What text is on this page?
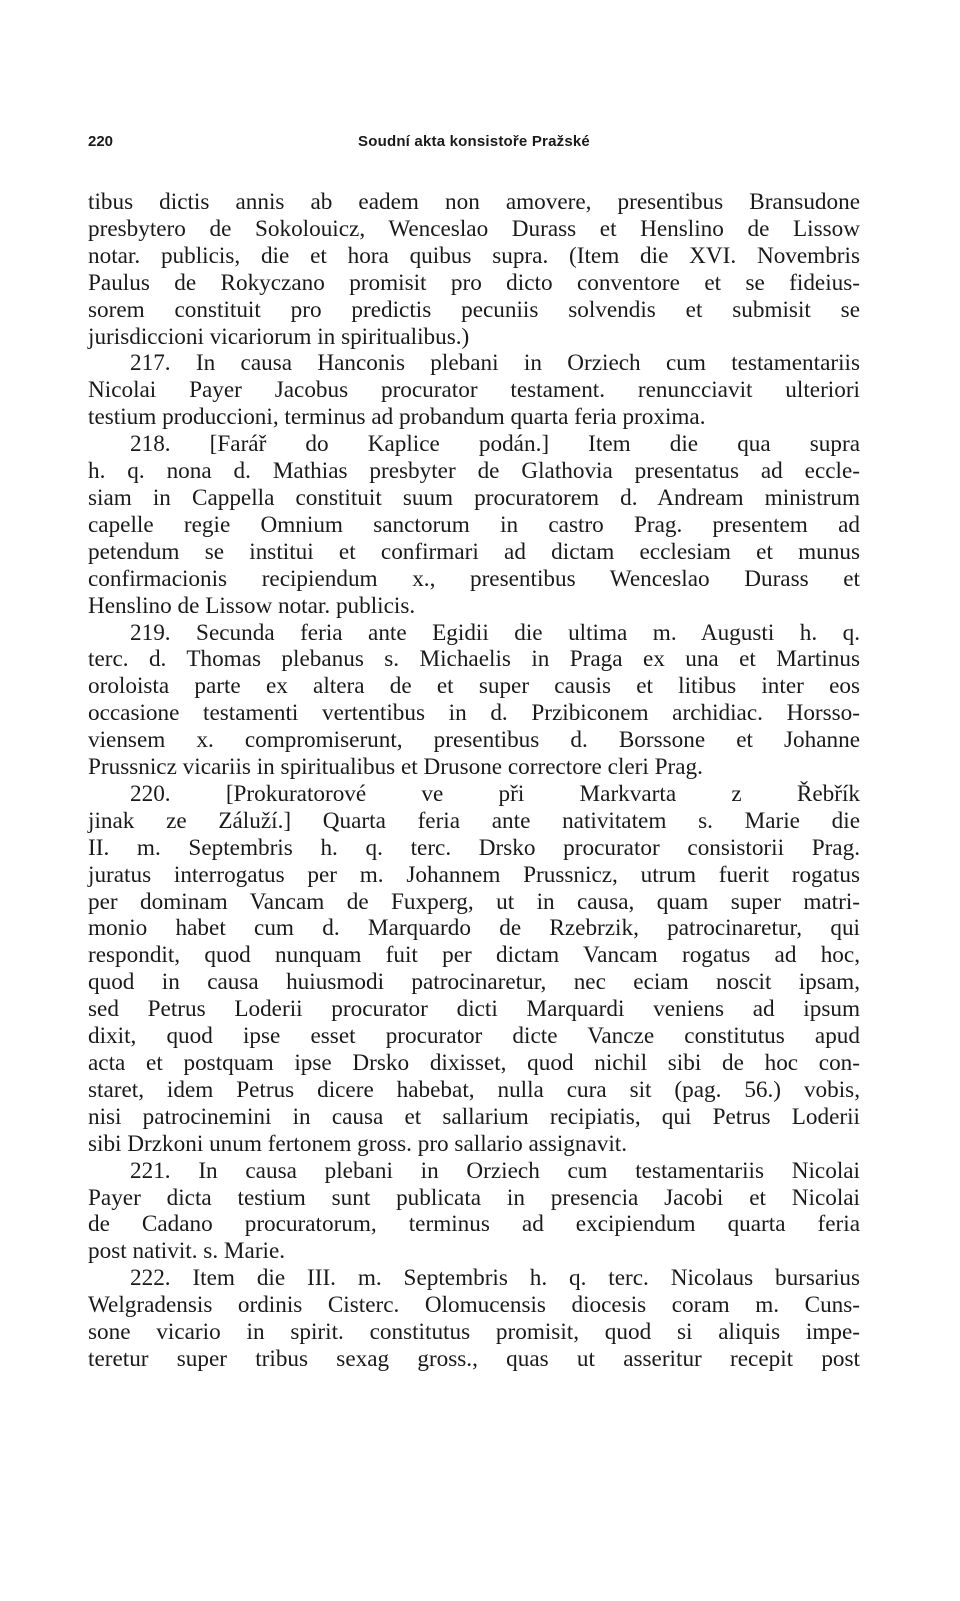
220	Soudní akta konsistoře Pražské
tibus dictis annis ab eadem non amovere, presentibus Bransudone
presbytero de Sokolouicz, Wenceslao Durass et Henslino de Lissow
notar. publicis, die et hora quibus supra. (Item die XVI. Novembris
Paulus de Rokyczano promisit pro dicto conventore et se fideius-
sorem constituit pro predictis pecuniis solvendis et submisit se
jurisdiccioni vicariorum in spiritualibus.)
217. In causa Hanconis plebani in Orziech cum testamentariis
Nicolai Payer Jacobus procurator testament. renuncciavit ulteriori
testium produccioni, terminus ad probandum quarta feria proxima.
218. [Farář do Kaplice podán.] Item die qua supra
h. q. nona d. Mathias presbyter de Glathovia presentatus ad eccle-
siam in Cappella constituit suum procuratorem d. Andream ministrum
capelle regie Omnium sanctorum in castro Prag. presentem ad
petendum se institui et confirmari ad dictam ecclesiam et munus
confirmacionis recipiendum x., presentibus Wenceslao Durass et
Henslino de Lissow notar. publicis.
219. Secunda feria ante Egidii die ultima m. Augusti h. q.
terc. d. Thomas plebanus s. Michaelis in Praga ex una et Martinus
oroloista parte ex altera de et super causis et litibus inter eos
occasione testamenti vertentibus in d. Przibiconem archidiac. Horsso-
viensem x. compromiserunt, presentibus d. Borssone et Johanne
Prussnicz vicariis in spiritualibus et Drusone correctore cleri Prag.
220. [Prokuratorové ve při Markvarta z Řebřík
jinak ze Záluží.] Quarta feria ante nativitatem s. Marie die
II. m. Septembris h. q. terc. Drsko procurator consistorii Prag.
juratus interrogatus per m. Johannem Prussnicz, utrum fuerit rogatus
per dominam Vancam de Fuxperg, ut in causa, quam super matri-
monio habet cum d. Marquardo de Rzebrzik, patrocinaretur, qui
respondit, quod nunquam fuit per dictam Vancam rogatus ad hoc,
quod in causa huiusmodi patrocinaretur, nec eciam noscit ipsam,
sed Petrus Loderii procurator dicti Marquardi veniens ad ipsum
dixit, quod ipse esset procurator dicte Vancze constitutus apud
acta et postquam ipse Drsko dixisset, quod nichil sibi de hoc con-
staret, idem Petrus dicere habebat, nulla cura sit (pag. 56.) vobis,
nisi patrocinemini in causa et sallarium recipiatis, qui Petrus Loderii
sibi Drzkoni unum fertonem gross. pro sallario assignavit.
221. In causa plebani in Orziech cum testamentariis Nicolai
Payer dicta testium sunt publicata in presencia Jacobi et Nicolai
de Cadano procuratorum, terminus ad excipiendum quarta feria
post nativit. s. Marie.
222. Item die III. m. Septembris h. q. terc. Nicolaus bursarius
Welgradensis ordinis Cisterc. Olomucensis diocesis coram m. Cuns-
sone vicario in spirit. constitutus promisit, quod si aliquis impe-
teretur super tribus sexag gross., quas ut asseritur recepit post
